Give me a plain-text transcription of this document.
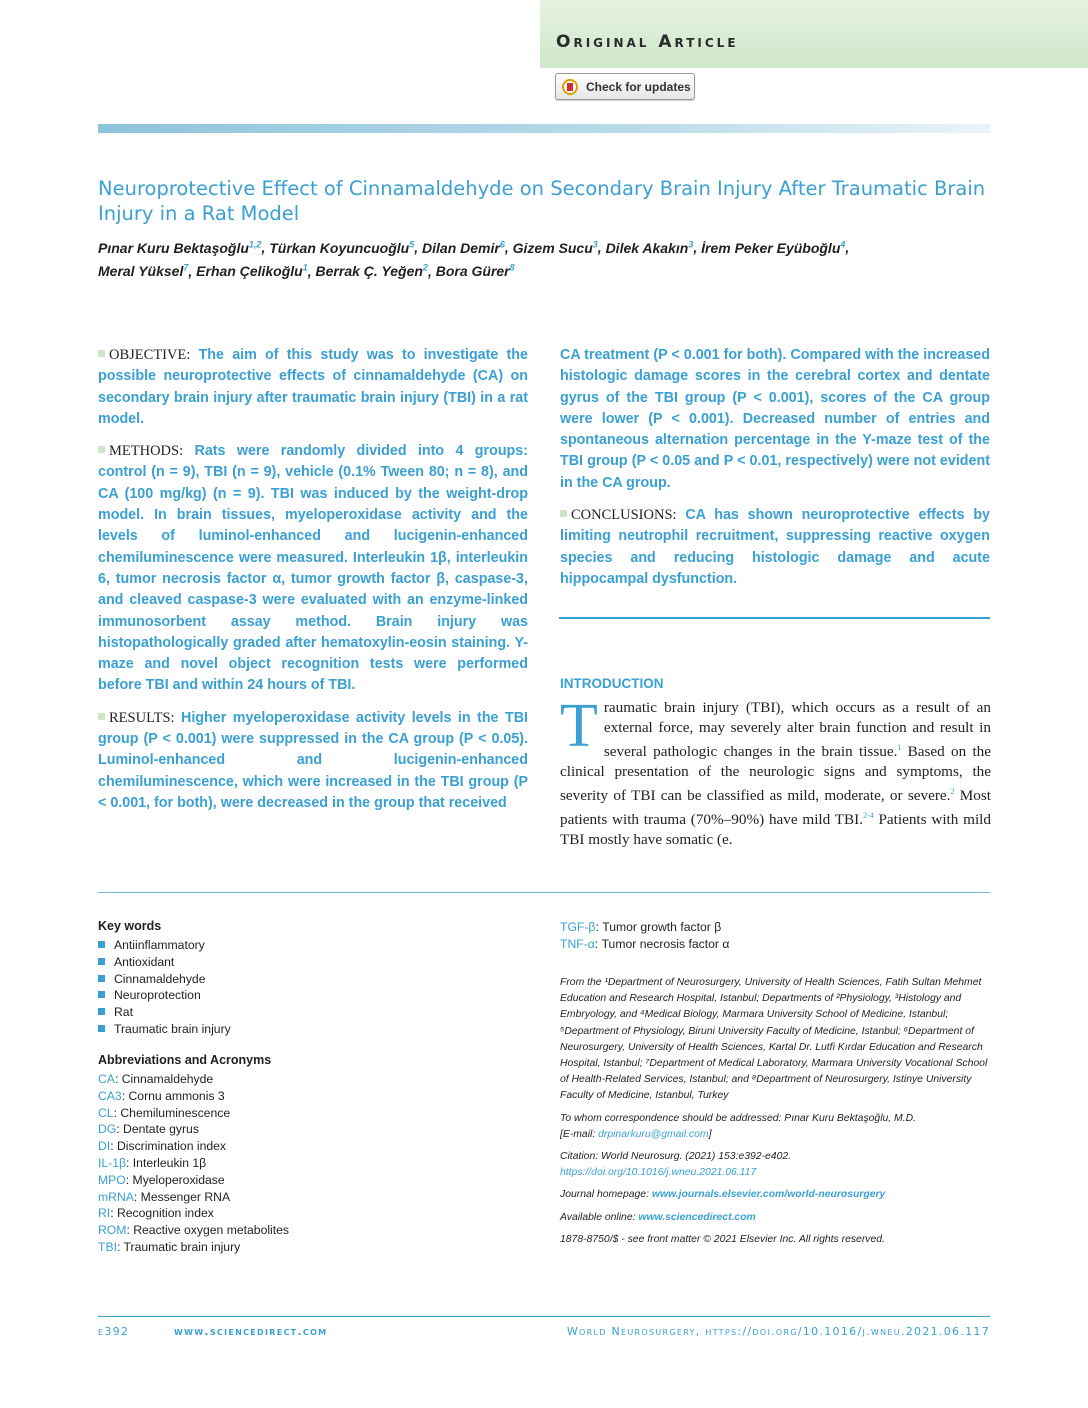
Original Article
Check for updates
Neuroprotective Effect of Cinnamaldehyde on Secondary Brain Injury After Traumatic Brain Injury in a Rat Model
Pınar Kuru Bektaşoğlu$^{1,2}$, Türkan Koyuncuoğlu$^5$, Dilan Demir$^6$, Gizem Sucu$^3$, Dilek Akakın$^3$, İrem Peker Eyüboğlu$^4$,
Meral Yüksel$^7$, Erhan Çelikoğlu$^1$, Berrak Ç. Yeğen$^2$, Bora Gürer$^8$

OBJECTIVE: The aim of this study was to investigate the possible neuroprotective effects of cinnamaldehyde (CA) on secondary brain injury after traumatic brain injury (TBI) in a rat model.

METHODS: Rats were randomly divided into 4 groups: control (n = 9), TBI (n = 9), vehicle (0.1% Tween 80; n = 8), and CA (100 mg/kg) (n = 9). TBI was induced by the weight-drop model. In brain tissues, myeloperoxidase activity and the levels of luminol-enhanced and lucigenin-enhanced chemiluminescence were measured. Interleukin 1β, interleukin 6, tumor necrosis factor α, tumor growth factor β, caspase-3, and cleaved caspase-3 were evaluated with an enzyme-linked immunosorbent assay method. Brain injury was histopathologically graded after hematoxylin-eosin staining. Y-maze and novel object recognition tests were performed before TBI and within 24 hours of TBI.

RESULTS: Higher myeloperoxidase activity levels in the TBI group (P < 0.001) were suppressed in the CA group (P < 0.05). Luminol-enhanced and lucigenin-enhanced chemiluminescence, which were increased in the TBI group (P < 0.001, for both), were decreased in the group that received

CA treatment (P < 0.001 for both). Compared with the increased histologic damage scores in the cerebral cortex and dentate gyrus of the TBI group (P < 0.001), scores of the CA group were lower (P < 0.001). Decreased number of entries and spontaneous alternation percentage in the Y-maze test of the TBI group (P < 0.05 and P < 0.01, respectively) were not evident in the CA group.

CONCLUSIONS: CA has shown neuroprotective effects by limiting neutrophil recruitment, suppressing reactive oxygen species and reducing histologic damage and acute hippocampal dysfunction.

INTRODUCTION
Traumatic brain injury (TBI), which occurs as a result of an external force, may severely alter brain function and result in several pathologic changes in the brain tissue.$^1$ Based on the clinical presentation of the neurologic signs and symptoms, the severity of TBI can be classified as mild, moderate, or severe.$^2$ Most patients with trauma (70%–90%) have mild TBI.$^{2-4}$ Patients with mild TBI mostly have somatic (e.
Key words
Antiinflammatory
Antioxidant
Cinnamaldehyde
Neuroprotection
Rat
Traumatic brain injury
Abbreviations and Acronyms
CA: Cinnamaldehyde
CA3: Cornu ammonis 3
CL: Chemiluminescence
DG: Dentate gyrus
DI: Discrimination index
IL-1β: Interleukin 1β
MPO: Myeloperoxidase
mRNA: Messenger RNA
RI: Recognition index
ROM: Reactive oxygen metabolites
TBI: Traumatic brain injury
TGF-β: Tumor growth factor β
TNF-α: Tumor necrosis factor α

From the ¹Department of Neurosurgery, University of Health Sciences, Fatih Sultan Mehmet Education and Research Hospital, Istanbul; Departments of ²Physiology, ³Histology and Embryology, and ⁴Medical Biology, Marmara University School of Medicine, Istanbul; ⁵Department of Physiology, Biruni University Faculty of Medicine, Istanbul; ⁶Department of Neurosurgery, University of Health Sciences, Kartal Dr. Lutfi Kırdar Education and Research Hospital, Istanbul; ⁷Department of Medical Laboratory, Marmara University Vocational School of Health-Related Services, Istanbul; and ⁸Department of Neurosurgery, Istinye University Faculty of Medicine, Istanbul, Turkey

To whom correspondence should be addressed: Pınar Kuru Bektaşoğlu, M.D.
[E-mail: drpinarkuru@gmail.com]

Citation: World Neurosurg. (2021) 153:e392-e402.
https://doi.org/10.1016/j.wneu.2021.06.117

Journal homepage: www.journals.elsevier.com/world-neurosurgery

Available online: www.sciencedirect.com

1878-8750/$ - see front matter © 2021 Elsevier Inc. All rights reserved.

e392	www.sciencedirect.com	World Neurosurgery, https://doi.org/10.1016/j.wneu.2021.06.117
